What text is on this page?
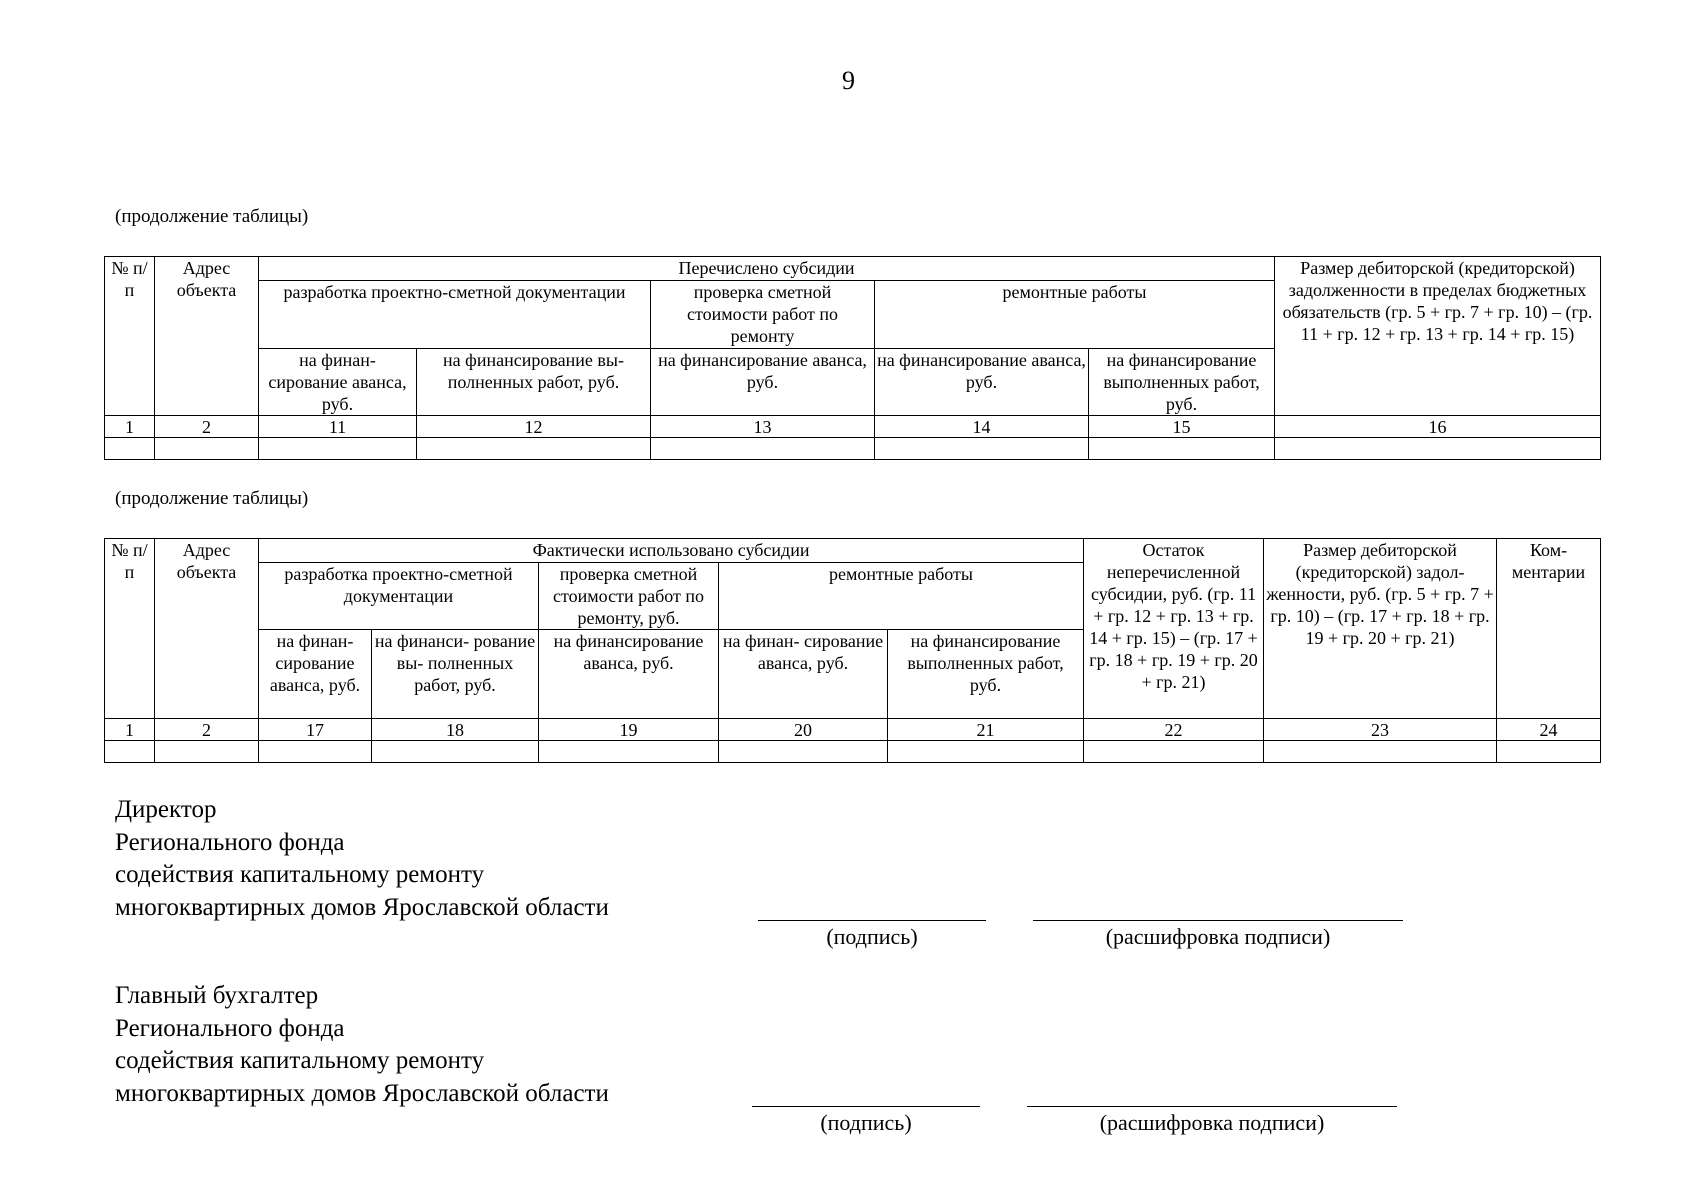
9
(продолжение таблицы)
№ п/п	Адрес объекта	Перечислено субсидии					Размер дебиторской (кредиторской) задолженности в пределах бюджетных обязательств (гр. 5 + гр. 7 + гр. 10) – (гр. 11 + гр. 12 + гр. 13 + гр. 14 + гр. 15)
		разработка проектно-сметной документации		проверка сметной стоимости работ по ремонту	ремонтные работы		
		на финан- сирование аванса, руб.	на финансирование вы- полненных работ, руб.	на финансирование аванса, руб.	на финансирование аванса, руб.	на финансирование выполненных работ, руб.	
1	2	11	12	13	14	15	16

(продолжение таблицы)
№ п/п	Адрес объекта	Фактически использовано субсидии					Остаток неперечисленной субсидии, руб. (гр. 11 + гр. 12 + гр. 13 + гр. 14 + гр. 15) – (гр. 17 + гр. 18 + гр. 19 + гр. 20 + гр. 21)	Размер дебиторской (кредиторской) задол- женности, руб. (гр. 5 + гр. 7 + гр. 10) – (гр. 17 + гр. 18 + гр. 19 + гр. 20 + гр. 21)	Ком- ментарии
		разработка проектно-сметной документации		проверка сметной стоимости работ по ремонту, руб.	ремонтные работы				
		на финан- сирование аванса, руб.	на финанси- рование вы- полненных работ, руб.	на финансирование аванса, руб.	на финан- сирование аванса, руб.	на финансирование выполненных работ, руб.			
1	2	17	18	19	20	21	22	23	24

Директор
Регионального фонда
содействия капитальному ремонту
многоквартирных домов Ярославской области
(подпись)	(расшифровка подписи)
Главный бухгалтер
Регионального фонда
содействия капитальному ремонту
многоквартирных домов Ярославской области
(подпись)	(расшифровка подписи)
